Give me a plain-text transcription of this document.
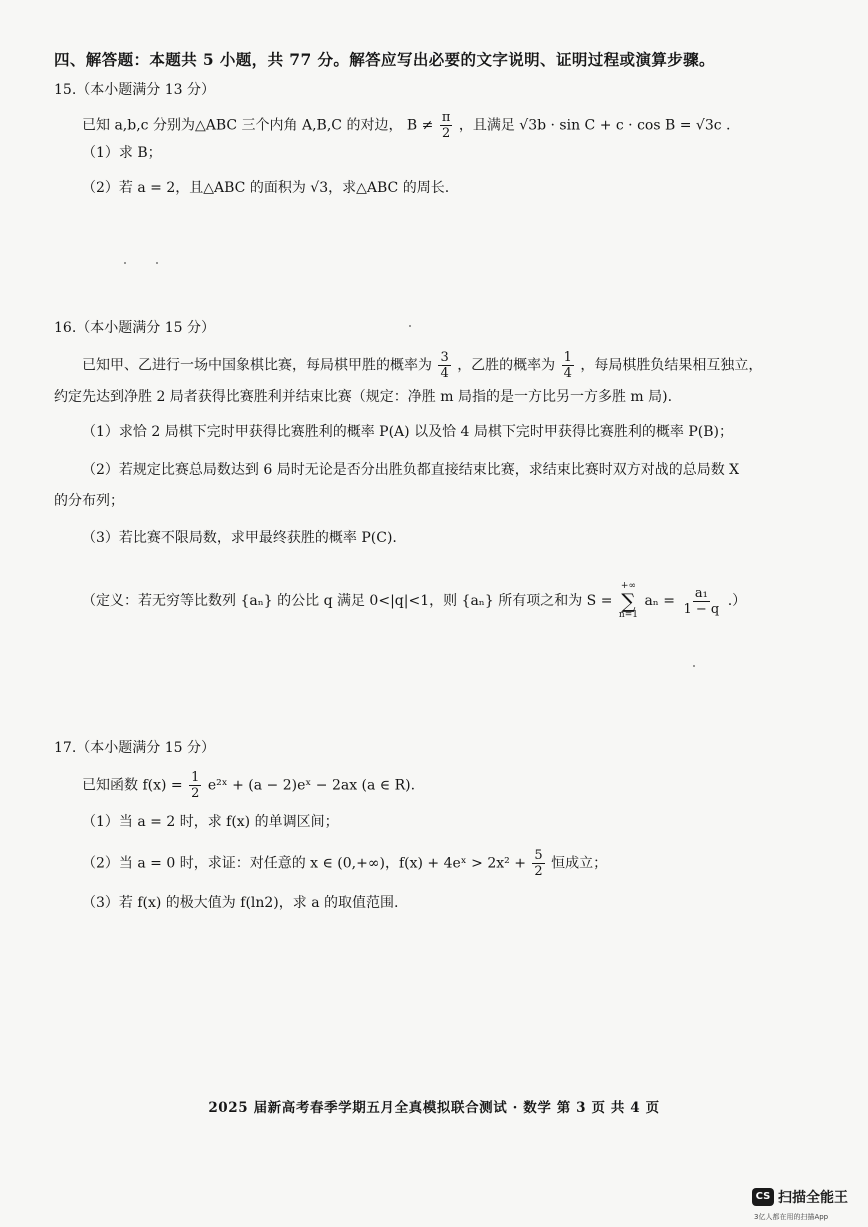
四、解答题：本题共 5 小题，共 77 分。解答应写出必要的文字说明、证明过程或演算步骤。
15.（本小题满分 13 分）
已知 a,b,c 分别为△ABC 三个内角 A,B,C 的对边， $B \ne \frac{\pi}{2}$ ，且满足 √3b · sin C + c · cos B = √3c .
（1）求 B；
（2）若 a = 2，且△ABC 的面积为 √3，求△ABC 的周长.
16.（本小题满分 15 分）
已知甲、乙进行一场中国象棋比赛，每局棋甲胜的概率为 $\frac{3}{4}$ ，乙胜的概率为 $\frac{1}{4}$ ，每局棋胜负结果相互独立，
约定先达到净胜 2 局者获得比赛胜利并结束比赛（规定：净胜 m 局指的是一方比另一方多胜 m 局).
（1）求恰 2 局棋下完时甲获得比赛胜利的概率 P(A) 以及恰 4 局棋下完时甲获得比赛胜利的概率 P(B)；
（2）若规定比赛总局数达到 6 局时无论是否分出胜负都直接结束比赛，求结束比赛时双方对战的总局数 X
的分布列；
（3）若比赛不限局数，求甲最终获胜的概率 P(C).
（定义：若无穷等比数列 {aₙ} 的公比 q 满足 0<|q|<1，则 {aₙ} 所有项之和为 S =
+∞
∑
n=1
$a_n = \frac{\text{a₁}}{1 - q}$ .）
17.（本小题满分 15 分）
已知函数 $f(x) = \frac{1}{2}$ e²ˣ + (a − 2)eˣ − 2ax (a ∈ R).
（1）当 a = 2 时，求 f(x) 的单调区间；
（2）当 a = 0 时，求证：对任意的 x ∈ (0,+∞)，f(x) + 4eˣ > $2x^2 + \frac{5}{2}$ 恒成立；
（3）若 f(x) 的极大值为 f(ln2)，求 a 的取值范围.
2025 届新高考春季学期五月全真模拟联合测试 · 数学 第 3 页 共 4 页
CS 扫描全能王
3亿人都在用的扫描App
